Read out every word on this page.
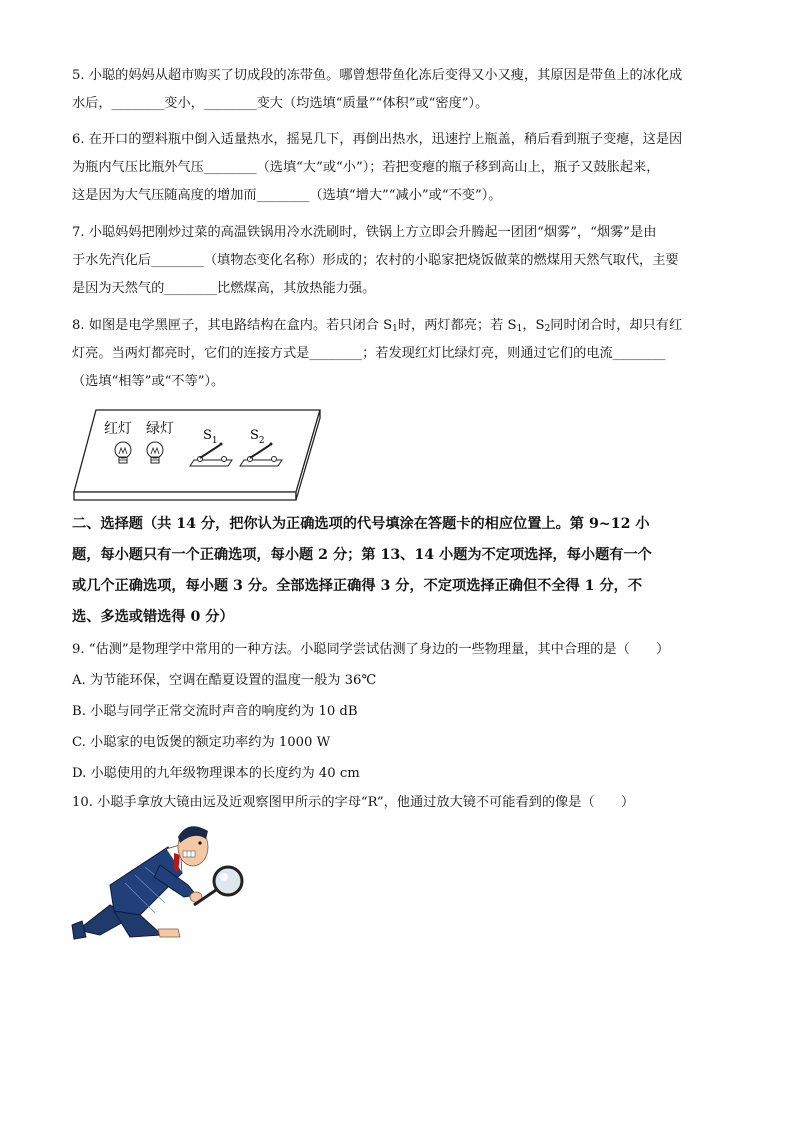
5. 小聪的妈妈从超市购买了切成段的冻带鱼。哪曾想带鱼化冻后变得又小又瘦，其原因是带鱼上的冰化成

水后，________变小，________变大（均选填“质量”“体积”或“密度”）。

6. 在开口的塑料瓶中倒入适量热水，摇晃几下，再倒出热水，迅速拧上瓶盖，稍后看到瓶子变瘪，这是因

为瓶内气压比瓶外气压________（选填“大”或“小”）；若把变瘪的瓶子移到高山上，瓶子又鼓胀起来，

这是因为大气压随高度的增加而________（选填“增大”“减小”或“不变”）。

7. 小聪妈妈把刚炒过菜的高温铁锅用冷水洗刷时，铁锅上方立即会升腾起一团团“烟雾”，“烟雾”是由

于水先汽化后________（填物态变化名称）形成的；农村的小聪家把烧饭做菜的燃煤用天然气取代，主要

是因为天然气的________比燃煤高，其放热能力强。

8. 如图是电学黑匣子，其电路结构在盒内。若只闭合 $S_1$时，两灯都亮；若 $S_1$，$S_2$同时闭合时，却只有红

灯亮。当两灯都亮时，它们的连接方式是________；若发现红灯比绿灯亮，则通过它们的电流________

（选填“相等”或“不等”）。

红灯 绿灯 $S_1$ $S_2$

二、选择题（共 14 分，把你认为正确选项的代号填涂在答题卡的相应位置上。第 9~12 小

题，每小题只有一个正确选项，每小题 2 分；第 13、14 小题为不定项选择，每小题有一个

或几个正确选项，每小题 3 分。全部选择正确得 3 分，不定项选择正确但不全得 1 分，不

选、多选或错选得 0 分）

9. “估测”是物理学中常用的一种方法。小聪同学尝试估测了身边的一些物理量，其中合理的是（　　）

A. 为节能环保，空调在酷夏设置的温度一般为 36℃

B. 小聪与同学正常交流时声音的响度约为 10 dB

C. 小聪家的电饭煲的额定功率约为 1000 W

D. 小聪使用的九年级物理课本的长度约为 40 cm

10. 小聪手拿放大镜由远及近观察图甲所示的字母“R”，他通过放大镜不可能看到的像是（　　）
